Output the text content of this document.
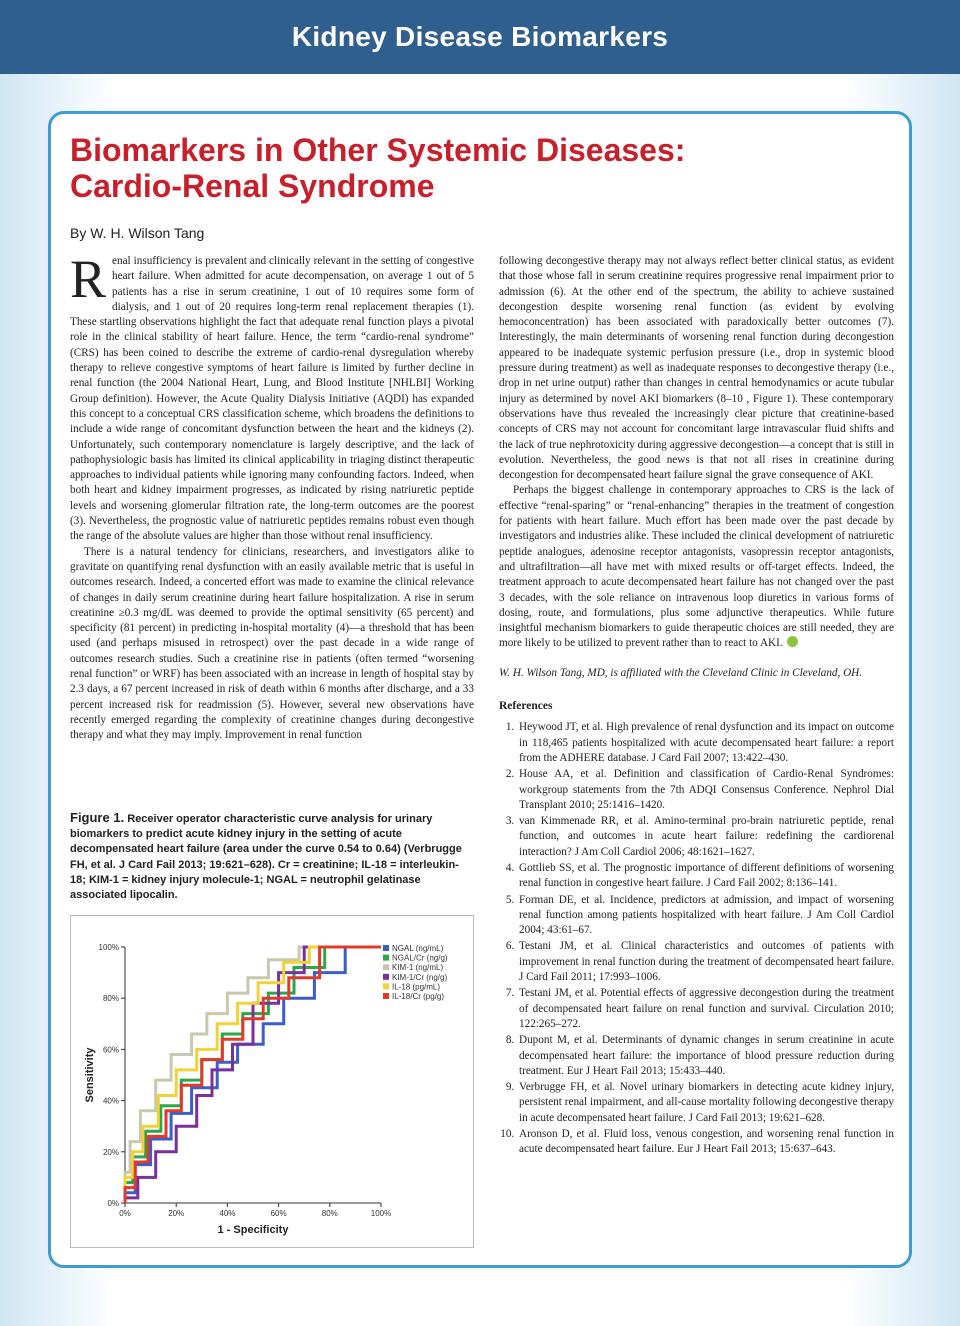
Kidney Disease Biomarkers
Biomarkers in Other Systemic Diseases:
Cardio-Renal Syndrome
By W. H. Wilson Tang

Renal insufficiency is prevalent and clinically relevant in the setting of congestive heart failure. When admitted for acute decompensation, on average 1 out of 5 patients has a rise in serum creatinine, 1 out of 10 requires some form of dialysis, and 1 out of 20 requires long-term renal replacement therapies (1). These startling observations highlight the fact that adequate renal function plays a pivotal role in the clinical stability of heart failure. Hence, the term “cardio-renal syndrome” (CRS) has been coined to describe the extreme of cardio-renal dysregulation whereby therapy to relieve congestive symptoms of heart failure is limited by further decline in renal function (the 2004 National Heart, Lung, and Blood Institute [NHLBI] Working Group definition). However, the Acute Quality Dialysis Initiative (AQDI) has expanded this concept to a conceptual CRS classification scheme, which broadens the definitions to include a wide range of concomitant dysfunction between the heart and the kidneys (2). Unfortunately, such contemporary nomenclature is largely descriptive, and the lack of pathophysiologic basis has limited its clinical applicability in triaging distinct therapeutic approaches to individual patients while ignoring many confounding factors. Indeed, when both heart and kidney impairment progresses, as indicated by rising natriuretic peptide levels and worsening glomerular filtration rate, the long-term outcomes are the poorest (3). Nevertheless, the prognostic value of natriuretic peptides remains robust even though the range of the absolute values are higher than those without renal insufficiency.

There is a natural tendency for clinicians, researchers, and investigators alike to gravitate on quantifying renal dysfunction with an easily available metric that is useful in outcomes research. Indeed, a concerted effort was made to examine the clinical relevance of changes in daily serum creatinine during heart failure hospitalization. A rise in serum creatinine ≥0.3 mg/dL was deemed to provide the optimal sensitivity (65 percent) and specificity (81 percent) in predicting in-hospital mortality (4)—a threshold that has been used (and perhaps misused in retrospect) over the past decade in a wide range of outcomes research studies. Such a creatinine rise in patients (often termed “worsening renal function” or WRF) has been associated with an increase in length of hospital stay by 2.3 days, a 67 percent increased in risk of death within 6 months after discharge, and a 33 percent increased risk for readmission (5). However, several new observations have recently emerged regarding the complexity of creatinine changes during decongestive therapy and what they may imply. Improvement in renal function

Figure 1. Receiver operator characteristic curve analysis for urinary biomarkers to predict acute kidney injury in the setting of acute decompensated heart failure (area under the curve 0.54 to 0.64) (Verbrugge FH, et al. J Card Fail 2013; 19:621–628). Cr = creatinine; IL-18 = interleukin-18; KIM-1 = kidney injury molecule-1; NGAL = neutrophil gelatinase associated lipocalin.
0%
0%
20%
20%
40%
40%
60%
60%
80%
80%
100%
100%
1 - Specificity
Sensitivity
NGAL (ng/mL)
NGAL/Cr (ng/g)
KIM-1 (ng/mL)
KIM-1/Cr (ng/g)
IL-18 (pg/mL)
IL-18/Cr (pg/g)

following decongestive therapy may not always reflect better clinical status, as evident that those whose fall in serum creatinine requires progressive renal impairment prior to admission (6). At the other end of the spectrum, the ability to achieve sustained decongestion despite worsening renal function (as evident by evolving hemoconcentration) has been associated with paradoxically better outcomes (7). Interestingly, the main determinants of worsening renal function during decongestion appeared to be inadequate systemic perfusion pressure (i.e., drop in systemic blood pressure during treatment) as well as inadequate responses to decongestive therapy (i.e., drop in net urine output) rather than changes in central hemodynamics or acute tubular injury as determined by novel AKI biomarkers (8–10 , Figure 1). These contemporary observations have thus revealed the increasingly clear picture that creatinine-based concepts of CRS may not account for concomitant large intravascular fluid shifts and the lack of true nephrotoxicity during aggressive decongestion—a concept that is still in evolution. Nevertheless, the good news is that not all rises in creatinine during decongestion for decompensated heart failure signal the grave consequence of AKI.

Perhaps the biggest challenge in contemporary approaches to CRS is the lack of effective “renal-sparing” or “renal-enhancing” therapies in the treatment of congestion for patients with heart failure. Much effort has been made over the past decade by investigators and industries alike. These included the clinical development of natriuretic peptide analogues, adenosine receptor antagonists, vasopressin receptor antagonists, and ultrafiltration—all have met with mixed results or off-target effects. Indeed, the treatment approach to acute decompensated heart failure has not changed over the past 3 decades, with the sole reliance on intravenous loop diuretics in various forms of dosing, route, and formulations, plus some adjunctive therapeutics. While future insightful mechanism biomarkers to guide therapeutic choices are still needed, they are more likely to be utilized to prevent rather than to react to AKI.

W. H. Wilson Tang, MD, is affiliated with the Cleveland Clinic in Cleveland, OH.

References

1. Heywood JT, et al. High prevalence of renal dysfunction and its impact on outcome in 118,465 patients hospitalized with acute decompensated heart failure: a report from the ADHERE database. J Card Fail 2007; 13:422–430.
2. House AA, et al. Definition and classification of Cardio-Renal Syndromes: workgroup statements from the 7th ADQI Consensus Conference. Nephrol Dial Transplant 2010; 25:1416–1420.
3. van Kimmenade RR, et al. Amino-terminal pro-brain natriuretic peptide, renal function, and outcomes in acute heart failure: redefining the cardiorenal interaction? J Am Coll Cardiol 2006; 48:1621–1627.
4. Gottlieb SS, et al. The prognostic importance of different definitions of worsening renal function in congestive heart failure. J Card Fail 2002; 8:136–141.
5. Forman DE, et al. Incidence, predictors at admission, and impact of worsening renal function among patients hospitalized with heart failure. J Am Coll Cardiol 2004; 43:61–67.
6. Testani JM, et al. Clinical characteristics and outcomes of patients with improvement in renal function during the treatment of decompensated heart failure. J Card Fail 2011; 17:993–1006.
7. Testani JM, et al. Potential effects of aggressive decongestion during the treatment of decompensated heart failure on renal function and survival. Circulation 2010; 122:265–272.
8. Dupont M, et al. Determinants of dynamic changes in serum creatinine in acute decompensated heart failure: the importance of blood pressure reduction during treatment. Eur J Heart Fail 2013; 15:433–440.
9. Verbrugge FH, et al. Novel urinary biomarkers in detecting acute kidney injury, persistent renal impairment, and all-cause mortality following decongestive therapy in acute decompensated heart failure. J Card Fail 2013; 19:621–628.
10. Aronson D, et al. Fluid loss, venous congestion, and worsening renal function in acute decompensated heart failure. Eur J Heart Fail 2013; 15:637–643.
